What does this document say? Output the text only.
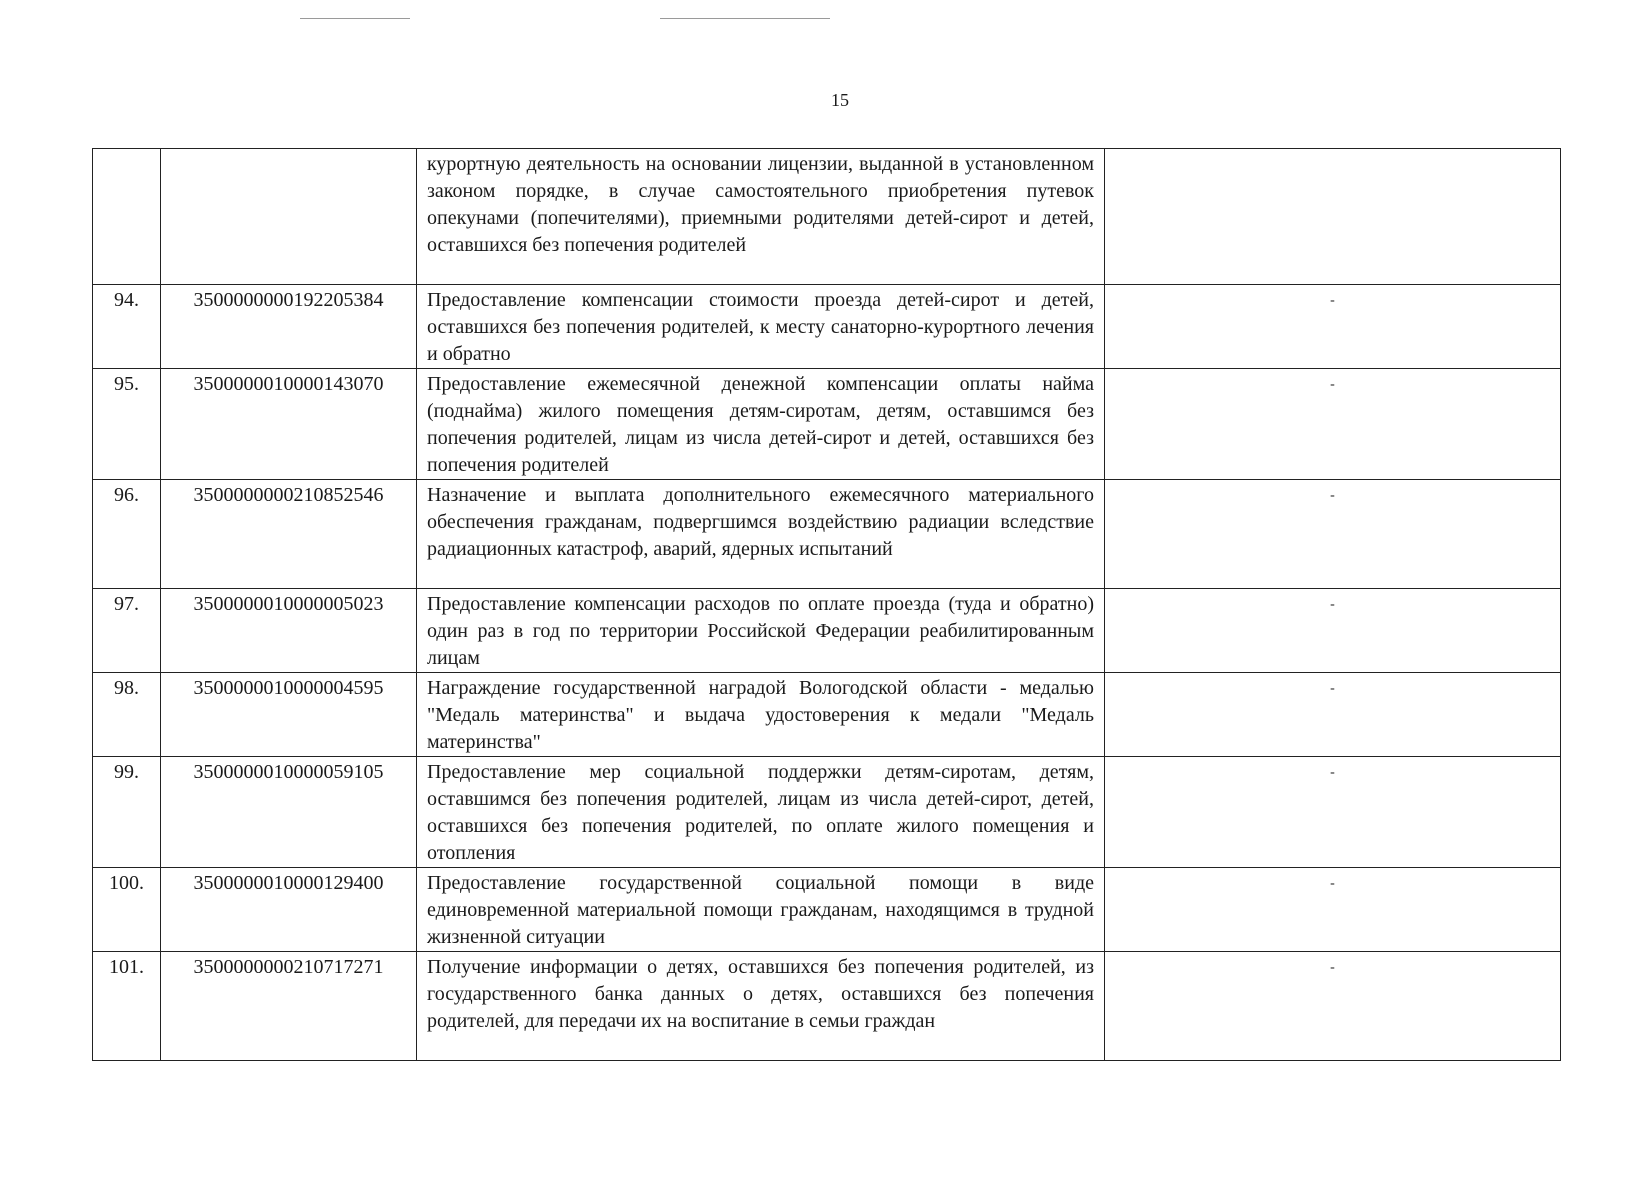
15
		курортную деятельность на основании лицензии, выданной в установленном законом порядке, в случае самостоятельного приобретения путевок опекунами (попечителями), приемными родителями детей-сирот и детей, оставшихся без попечения родителей	
94.	3500000000192205384	Предоставление компенсации стоимости проезда детей-сирот и детей, оставшихся без попечения родителей, к месту санаторно-курортного лечения и обратно	-
95.	3500000010000143070	Предоставление ежемесячной денежной компенсации оплаты найма (поднайма) жилого помещения детям-сиротам, детям, оставшимся без попечения родителей, лицам из числа детей-сирот и детей, оставшихся без попечения родителей	-
96.	3500000000210852546	Назначение и выплата дополнительного ежемесячного материального обеспечения гражданам, подвергшимся воздействию радиации вследствие радиационных катастроф, аварий, ядерных испытаний	-
97.	3500000010000005023	Предоставление компенсации расходов по оплате проезда (туда и обратно) один раз в год по территории Российской Федерации реабилитированным лицам	-
98.	3500000010000004595	Награждение государственной наградой Вологодской области - медалью "Медаль материнства" и выдача удостоверения к медали "Медаль материнства"	-
99.	3500000010000059105	Предоставление мер социальной поддержки детям-сиротам, детям, оставшимся без попечения родителей, лицам из числа детей-сирот, детей, оставшихся без попечения родителей, по оплате жилого помещения и отопления	-
100.	3500000010000129400	Предоставление государственной социальной помощи в виде единовременной материальной помощи гражданам, находящимся в трудной жизненной ситуации	-
101.	3500000000210717271	Получение информации о детях, оставшихся без попечения родителей, из государственного банка данных о детях, оставшихся без попечения родителей, для передачи их на воспитание в семьи граждан	-
